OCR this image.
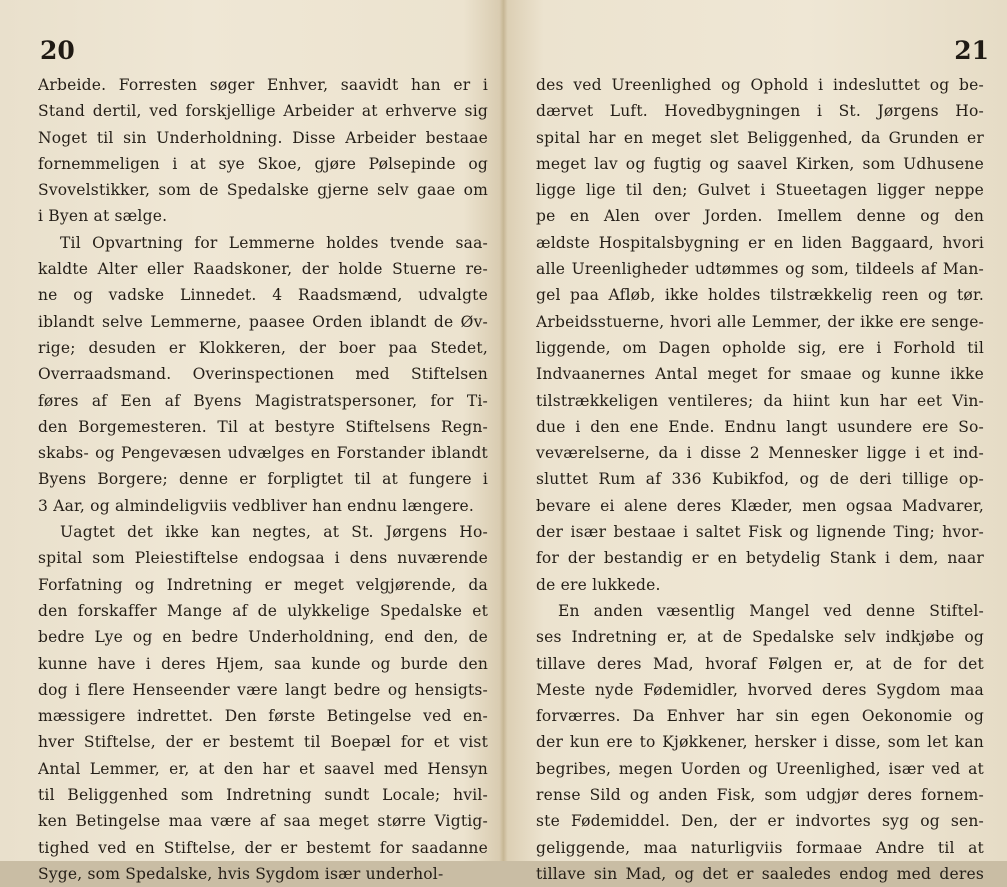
20
Arbeide. Forresten søger Enhver, saavidt han er i
Stand dertil, ved forskjellige Arbeider at erhverve sig
Noget til sin Underholdning. Disse Arbeider bestaae
fornemmeligen i at sye Skoe, gjøre Pølsepinde og
Svovelstikker, som de Spedalske gjerne selv gaae om
i Byen at sælge.
Til Opvartning for Lemmerne holdes tvende saa-
kaldte Alter eller Raadskoner, der holde Stuerne re-
ne og vadske Linnedet. 4 Raadsmænd, udvalgte
iblandt selve Lemmerne, paasee Orden iblandt de Øv-
rige; desuden er Klokkeren, der boer paa Stedet,
Overraadsmand. Overinspectionen med Stiftelsen
føres af Een af Byens Magistratspersoner, for Ti-
den Borgemesteren. Til at bestyre Stiftelsens Regn-
skabs- og Pengevæsen udvælges en Forstander iblandt
Byens Borgere; denne er forpligtet til at fungere i
3 Aar, og almindeligviis vedbliver han endnu længere.
Uagtet det ikke kan negtes, at St. Jørgens Ho-
spital som Pleiestiftelse endogsaa i dens nuværende
Forfatning og Indretning er meget velgjørende, da
den forskaffer Mange af de ulykkelige Spedalske et
bedre Lye og en bedre Underholdning, end den, de
kunne have i deres Hjem, saa kunde og burde den
dog i flere Henseender være langt bedre og hensigts-
mæssigere indrettet. Den første Betingelse ved en-
hver Stiftelse, der er bestemt til Boepæl for et vist
Antal Lemmer, er, at den har et saavel med Hensyn
til Beliggenhed som Indretning sundt Locale; hvil-
ken Betingelse maa være af saa meget større Vigtig-
tighed ved en Stiftelse, der er bestemt for saadanne
Syge, som Spedalske, hvis Sygdom især underhol-
21
des ved Ureenlighed og Ophold i indesluttet og be-
dærvet Luft. Hovedbygningen i St. Jørgens Ho-
spital har en meget slet Beliggenhed, da Grunden er
meget lav og fugtig og saavel Kirken, som Udhusene
ligge lige til den; Gulvet i Stueetagen ligger neppe
pe en Alen over Jorden. Imellem denne og den
ældste Hospitalsbygning er en liden Baggaard, hvori
alle Ureenligheder udtømmes og som, tildeels af Man-
gel paa Afløb, ikke holdes tilstrækkelig reen og tør.
Arbeidsstuerne, hvori alle Lemmer, der ikke ere senge-
liggende, om Dagen opholde sig, ere i Forhold til
Indvaanernes Antal meget for smaae og kunne ikke
tilstrækkeligen ventileres; da hiint kun har eet Vin-
due i den ene Ende. Endnu langt usundere ere So-
veværelserne, da i disse 2 Mennesker ligge i et ind-
sluttet Rum af 336 Kubikfod, og de deri tillige op-
bevare ei alene deres Klæder, men ogsaa Madvarer,
der især bestaae i saltet Fisk og lignende Ting; hvor-
for der bestandig er en betydelig Stank i dem, naar
de ere lukkede.
En anden væsentlig Mangel ved denne Stiftel-
ses Indretning er, at de Spedalske selv indkjøbe og
tillave deres Mad, hvoraf Følgen er, at de for det
Meste nyde Fødemidler, hvorved deres Sygdom maa
forværres. Da Enhver har sin egen Oekonomie og
der kun ere to Kjøkkener, hersker i disse, som let kan
begribes, megen Uorden og Ureenlighed, især ved at
rense Sild og anden Fisk, som udgjør deres fornem-
ste Fødemiddel. Den, der er indvortes syg og sen-
geliggende, maa naturligviis formaae Andre til at
tillave sin Mad, og det er saaledes endog med deres
